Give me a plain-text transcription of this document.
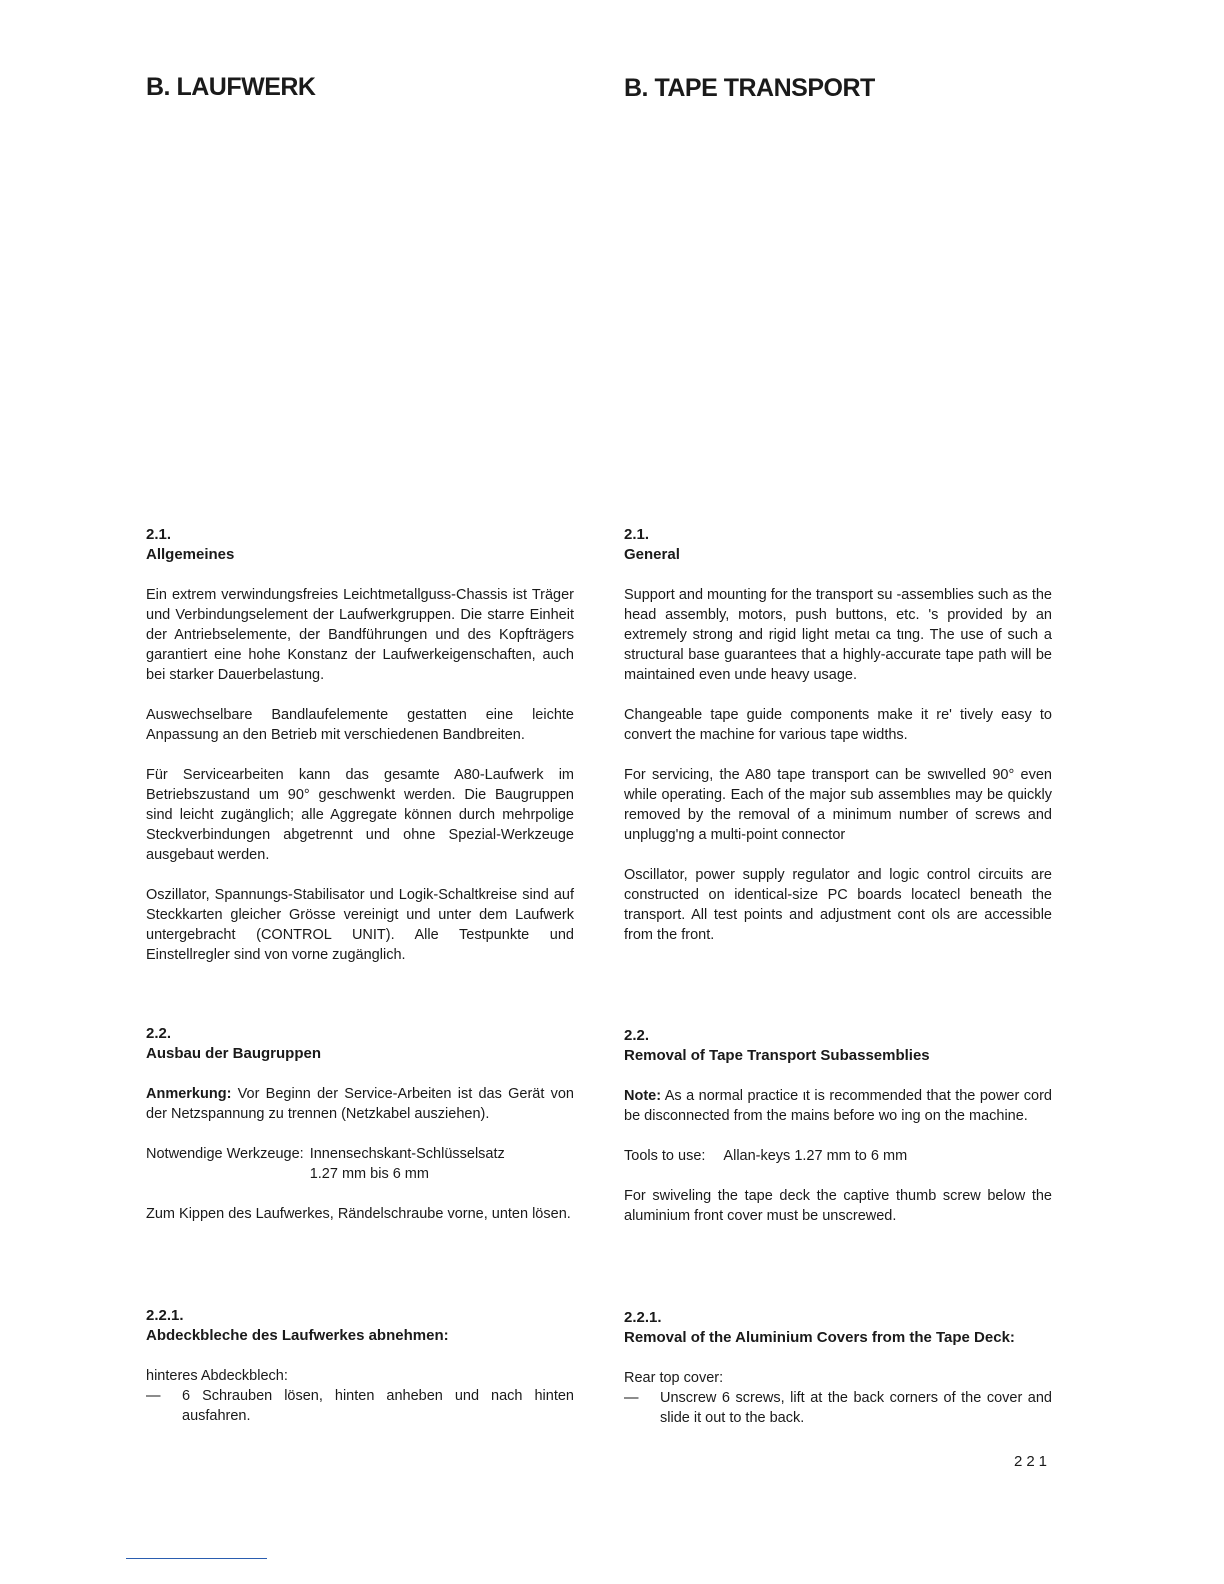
B. LAUFWERK	B. TAPE TRANSPORT
2.1.
Allgemeines

Ein extrem verwindungsfreies Leichtmetallguss-Chassis ist Träger und Verbindungselement der Laufwerkgruppen. Die starre Einheit der Antriebselemente, der Bandführungen und des Kopfträgers garantiert eine hohe Konstanz der Laufwerkeigenschaften, auch bei starker Dauerbelastung.

Auswechselbare Bandlaufelemente gestatten eine leichte Anpassung an den Betrieb mit verschiedenen Bandbreiten.

Für Servicearbeiten kann das gesamte A80-Laufwerk im Betriebszustand um 90° geschwenkt werden. Die Baugruppen sind leicht zugänglich; alle Aggregate können durch mehrpolige Steckverbindungen abgetrennt und ohne Spezial-Werkzeuge ausgebaut werden.

Oszillator, Spannungs-Stabilisator und Logik-Schaltkreise sind auf Steckkarten gleicher Grösse vereinigt und unter dem Laufwerk untergebracht (CONTROL UNIT). Alle Testpunkte und Einstellregler sind von vorne zugänglich.

2.1.
General

Support and mounting for the transport su -assemblies such as the head assembly, motors, push buttons, etc. 's provided by an extremely strong and rigid light metaι ca tιng. The use of such a structural base guarantees that a highly-accurate tape path will be maintained even unde heavy usage.

Changeable tape guide components make it re' tively easy to convert the machine for various tape widths.

For servicing, the A80 tape transport can be swιvelled 90° even while operating. Each of the major sub assemblιes may be quickly removed by the removal of a minimum number of screws and unplugg'ng a multi-point connector

Oscillator, power supply regulator and logic control circuits are constructed on identical-size PC boards locatecl beneath the transport. All test points and adjustment cont ols are accessible from the front.

2.2.
Ausbau der Baugruppen

Anmerkung: Vor Beginn der Service-Arbeiten ist das Gerät von der Netzspannung zu trennen (Netzkabel ausziehen).

Notwendige Werkzeuge: Innensechskant-Schlüsselsatz
1.27 mm bis 6 mm

Zum Kippen des Laufwerkes, Rändelschraube vorne, unten lösen.

2.2.
Removal of Tape Transport Subassemblies

Note: As a normal practice ιt is recommended that the power cord be disconnected from the mains before wo ing on the machine.

Tools to use: Allan-keys 1.27 mm to 6 mm

For swiveling the tape deck the captive thumb screw below the aluminium front cover must be unscrewed.

2.2.1.
Abdeckbleche des Laufwerkes abnehmen:

hinteres Abdeckblech:

—	6 Schrauben lösen, hinten anheben und nach hinten ausfahren.
2.2.1.
Removal of the Aluminium Covers from the Tape Deck:

Rear top cover:

—	Unscrew 6 screws, lift at the back corners of the cover and slide it out to the back.
221
